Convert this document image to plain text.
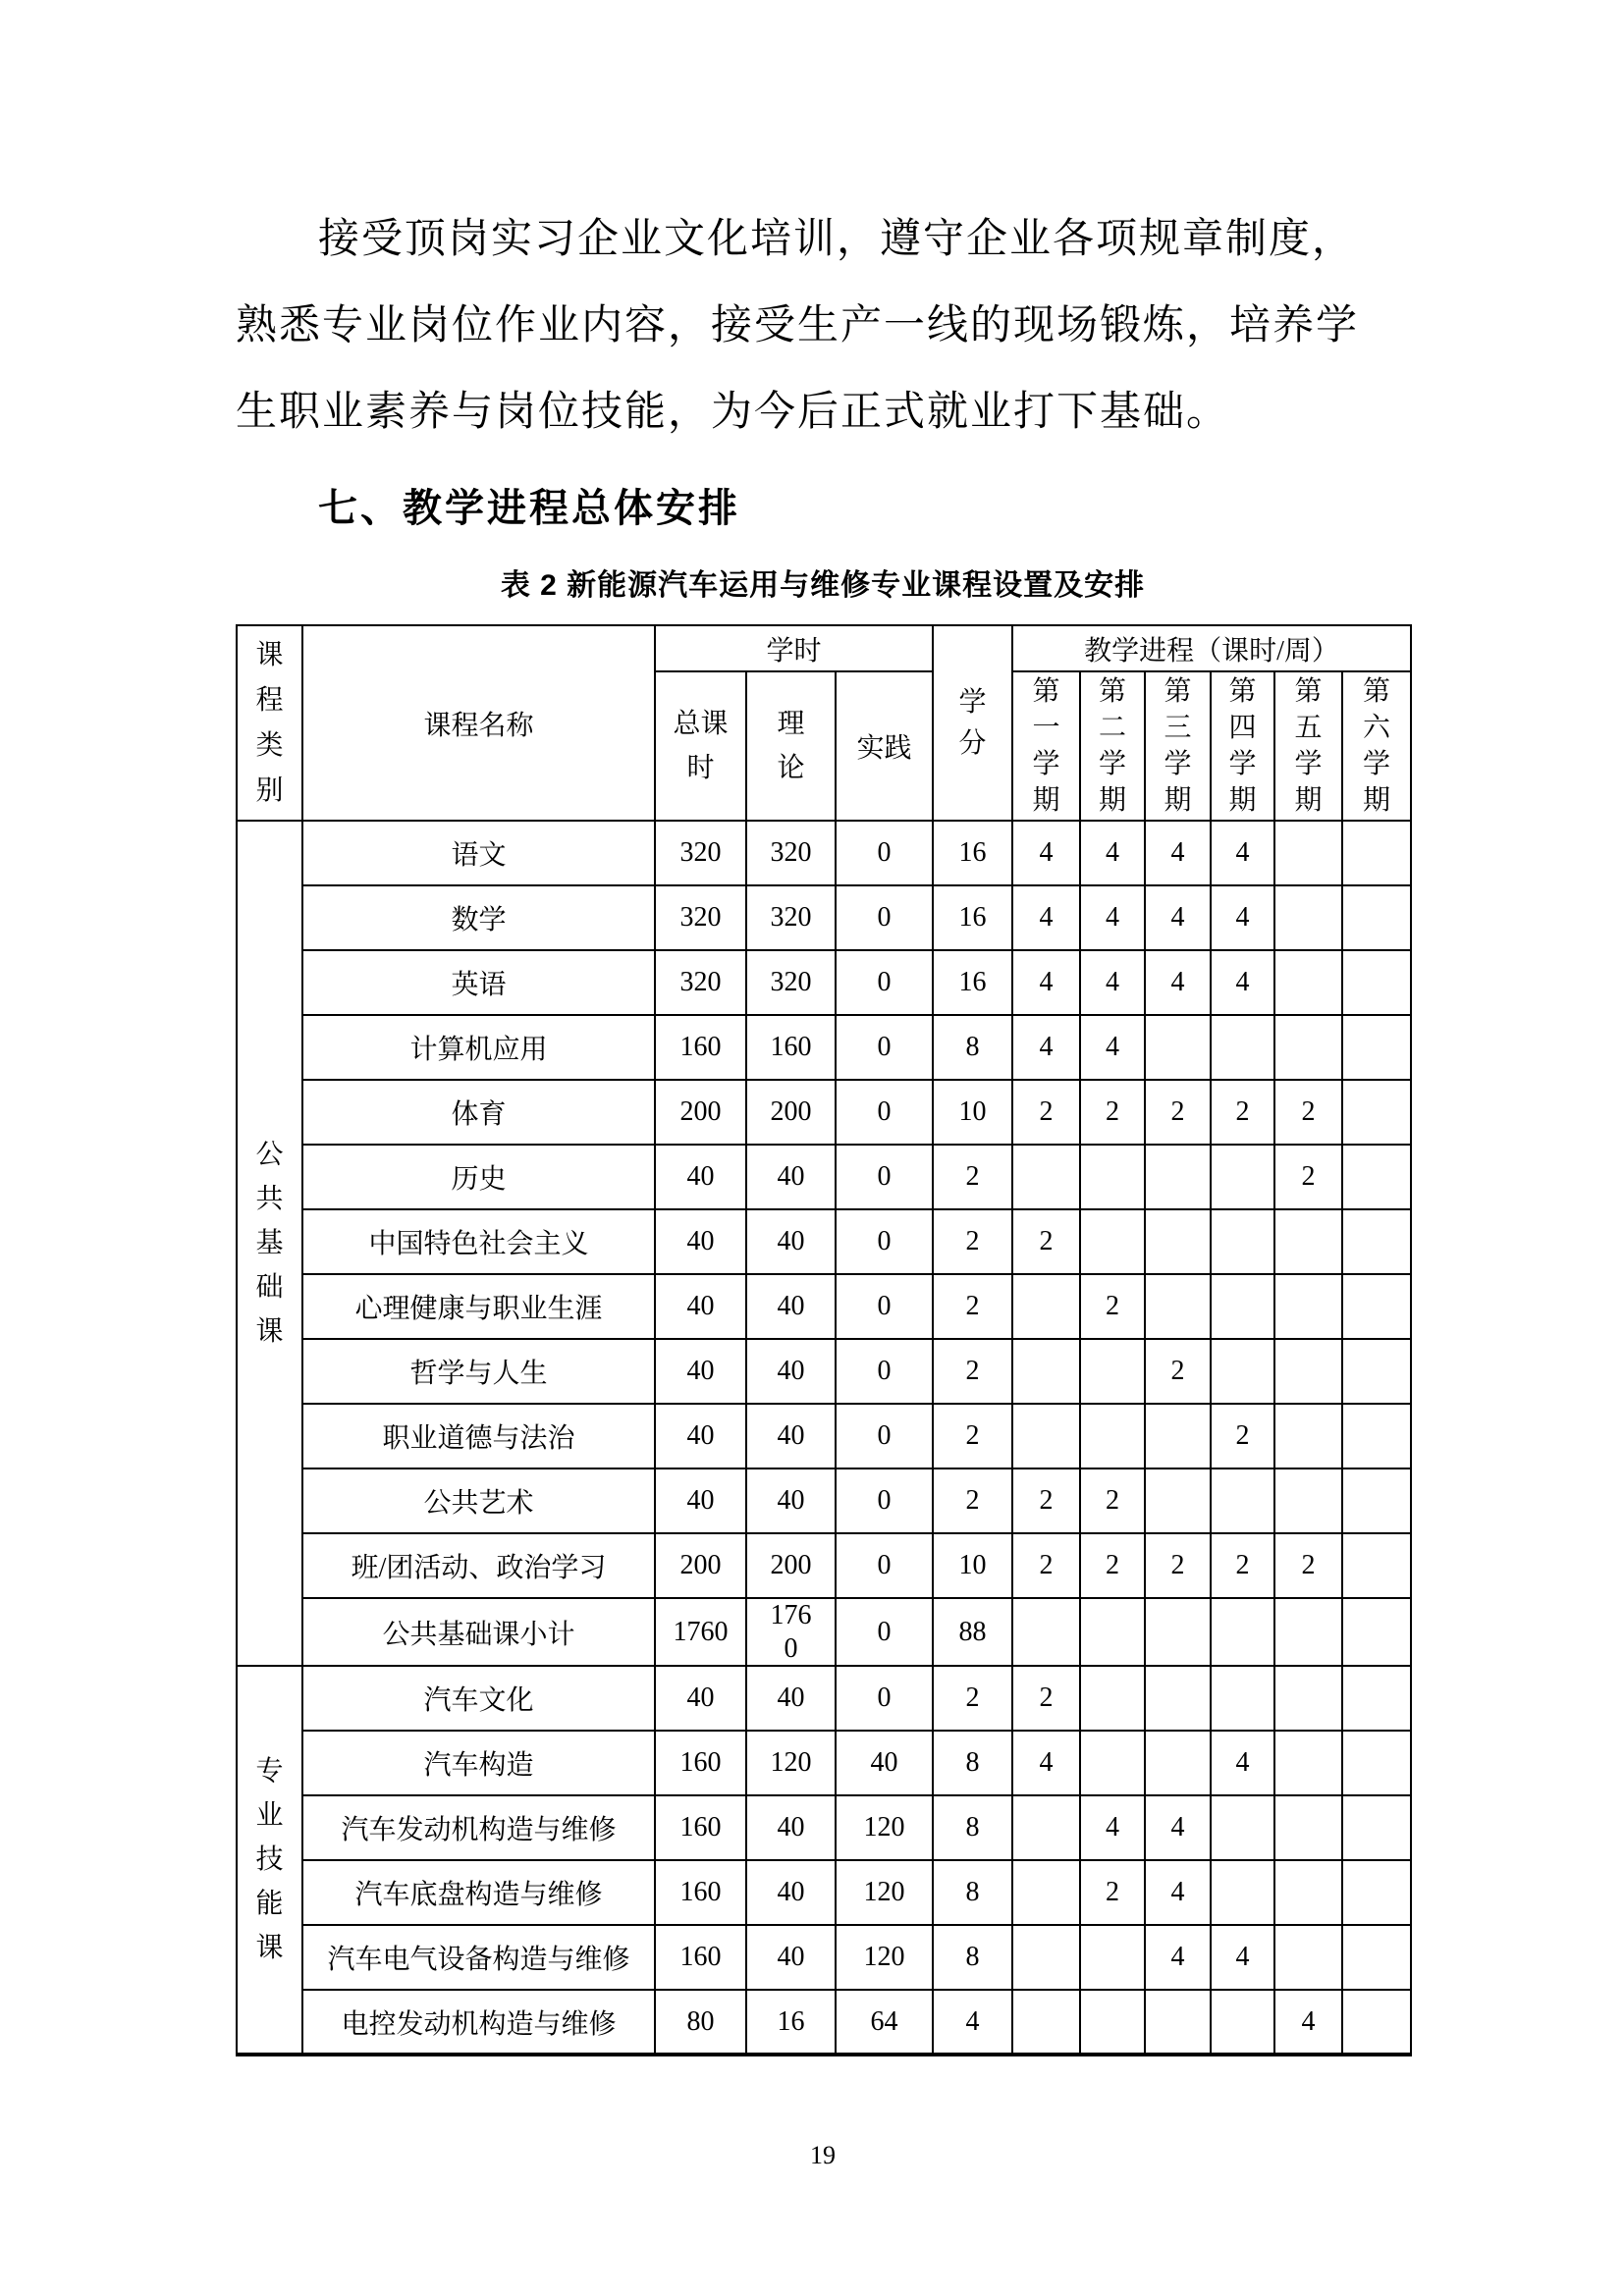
接受顶岗实习企业文化培训，遵守企业各项规章制度，
熟悉专业岗位作业内容，接受生产一线的现场锻炼，培养学
生职业素养与岗位技能，为今后正式就业打下基础。
七、教学进程总体安排
表 2 新能源汽车运用与维修专业课程设置及安排
课程类别	课程名称	学时			学分	教学进程（课时/周）					
		总课时	理论	实践		第一学期	第二学期	第三学期	第四学期	第五学期	第六学期
公共基础课	语文	320	320	0	16	4	4	4	4		
	数学	320	320	0	16	4	4	4	4		
	英语	320	320	0	16	4	4	4	4		
	计算机应用	160	160	0	8	4	4				
	体育	200	200	0	10	2	2	2	2	2	
	历史	40	40	0	2					2	
	中国特色社会主义	40	40	0	2	2					
	心理健康与职业生涯	40	40	0	2		2				
	哲学与人生	40	40	0	2			2			
	职业道德与法治	40	40	0	2				2		
	公共艺术	40	40	0	2	2	2				
	班/团活动、政治学习	200	200	0	10	2	2	2	2	2	
	公共基础课小计	1760	1760	0	88						
专业技能课	汽车文化	40	40	0	2	2					
	汽车构造	160	120	40	8	4			4		
	汽车发动机构造与维修	160	40	120	8		4	4			
	汽车底盘构造与维修	160	40	120	8		2	4			
	汽车电气设备构造与维修	160	40	120	8			4	4		
	电控发动机构造与维修	80	16	64	4					4	
19
